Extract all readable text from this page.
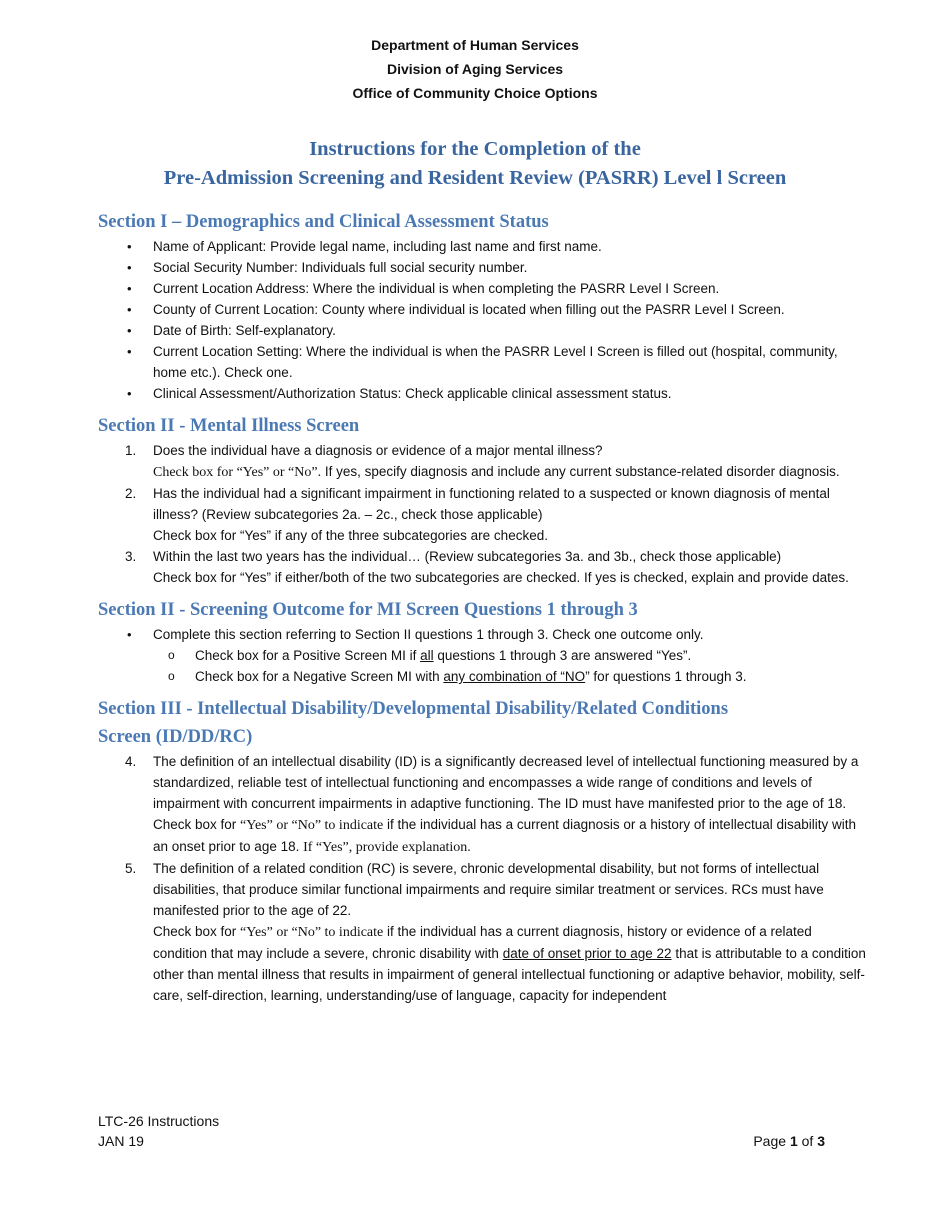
Department of Human Services
Division of Aging Services
Office of Community Choice Options
Instructions for the Completion of the
Pre-Admission Screening and Resident Review (PASRR) Level l Screen
Section I – Demographics and Clinical Assessment Status
• Name of Applicant: Provide legal name, including last name and first name.
• Social Security Number: Individuals full social security number.
• Current Location Address: Where the individual is when completing the PASRR Level I Screen.
• County of Current Location: County where individual is located when filling out the PASRR Level I Screen.
• Date of Birth: Self-explanatory.
• Current Location Setting: Where the individual is when the PASRR Level I Screen is filled out (hospital, community, home etc.). Check one.
• Clinical Assessment/Authorization Status: Check applicable clinical assessment status.
Section II - Mental Illness Screen
1. Does the individual have a diagnosis or evidence of a major mental illness?
Check box for “Yes” or “No”. If yes, specify diagnosis and include any current substance-related disorder diagnosis.
2. Has the individual had a significant impairment in functioning related to a suspected or known diagnosis of mental illness? (Review subcategories 2a. – 2c., check those applicable)
Check box for “Yes” if any of the three subcategories are checked.
3. Within the last two years has the individual… (Review subcategories 3a. and 3b., check those applicable)
Check box for “Yes” if either/both of the two subcategories are checked. If yes is checked, explain and provide dates.
Section II - Screening Outcome for MI Screen Questions 1 through 3
• Complete this section referring to Section II questions 1 through 3. Check one outcome only.
o Check box for a Positive Screen MI if all questions 1 through 3 are answered “Yes”.
o Check box for a Negative Screen MI with any combination of “NO” for questions 1 through 3.
Section III - Intellectual Disability/Developmental Disability/Related Conditions
Screen (ID/DD/RC)
4. The definition of an intellectual disability (ID) is a significantly decreased level of intellectual functioning measured by a standardized, reliable test of intellectual functioning and encompasses a wide range of conditions and levels of impairment with concurrent impairments in adaptive functioning. The ID must have manifested prior to the age of 18.
Check box for “Yes” or “No” to indicate if the individual has a current diagnosis or a history of intellectual disability with an onset prior to age 18. If “Yes”, provide explanation.
5. The definition of a related condition (RC) is severe, chronic developmental disability, but not forms of intellectual disabilities, that produce similar functional impairments and require similar treatment or services. RCs must have manifested prior to the age of 22.
Check box for “Yes” or “No” to indicate if the individual has a current diagnosis, history or evidence of a related condition that may include a severe, chronic disability with date of onset prior to age 22 that is attributable to a condition other than mental illness that results in impairment of general intellectual functioning or adaptive behavior, mobility, self-care, self-direction, learning, understanding/use of language, capacity for independent
LTC-26 Instructions
JAN 19	Page 1 of 3
